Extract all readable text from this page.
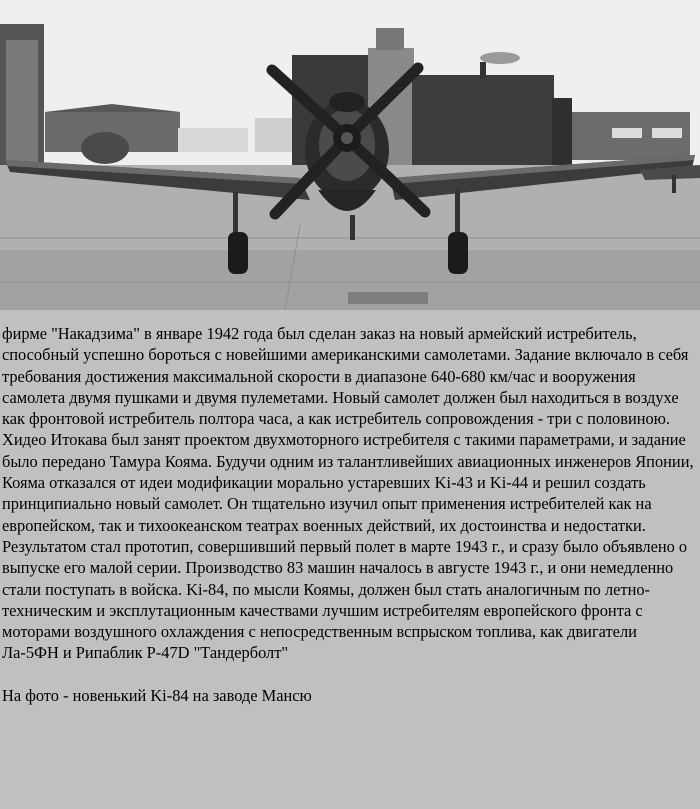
фирме "Накадзима" в январе 1942 года был сделан заказ на новый армейский истребитель, способный успешно бороться с новейшими американскими самолетами. Задание включало в себя требования достижения максимальной скорости в диапазоне 640-680 км/час и вооружения самолета двумя пушками и двумя пулеметами. Новый самолет должен был находиться в воздухе как фронтовой истребитель полтора часа, а как истребитель сопровождения - три с половиною. Хидео Итокава был занят проектом двухмоторного истребителя с такими параметрами, и задание было передано Тамура Кояма. Будучи одним из талантливейших авиационных инженеров Японии, Кояма отказался от идеи модификации морально устаревших Ki-43 и Ki-44 и решил создать принципиально новый самолет. Он тщательно изучил опыт применения истребителей как на европейском, так и тихоокеанском театрах военных действий, их достоинства и недостатки. Результатом стал прототип, совершивший первый полет в марте 1943 г., и сразу было объявлено о выпуске его малой серии. Производство 83 машин началось в августе 1943 г., и они немедленно стали поступать в войска. Ki-84, по мысли Коямы, должен был стать аналогичным по летно-техническим и эксплутационным качествами лучшим истребителям европейского фронта с моторами воздушного охлаждения с непосредственным вспрыском топлива, как двигатели Ла-5ФН и Рипаблик Р-47D "Тандерболт"

На фото - новенький Ki-84 на заводе Мансю
